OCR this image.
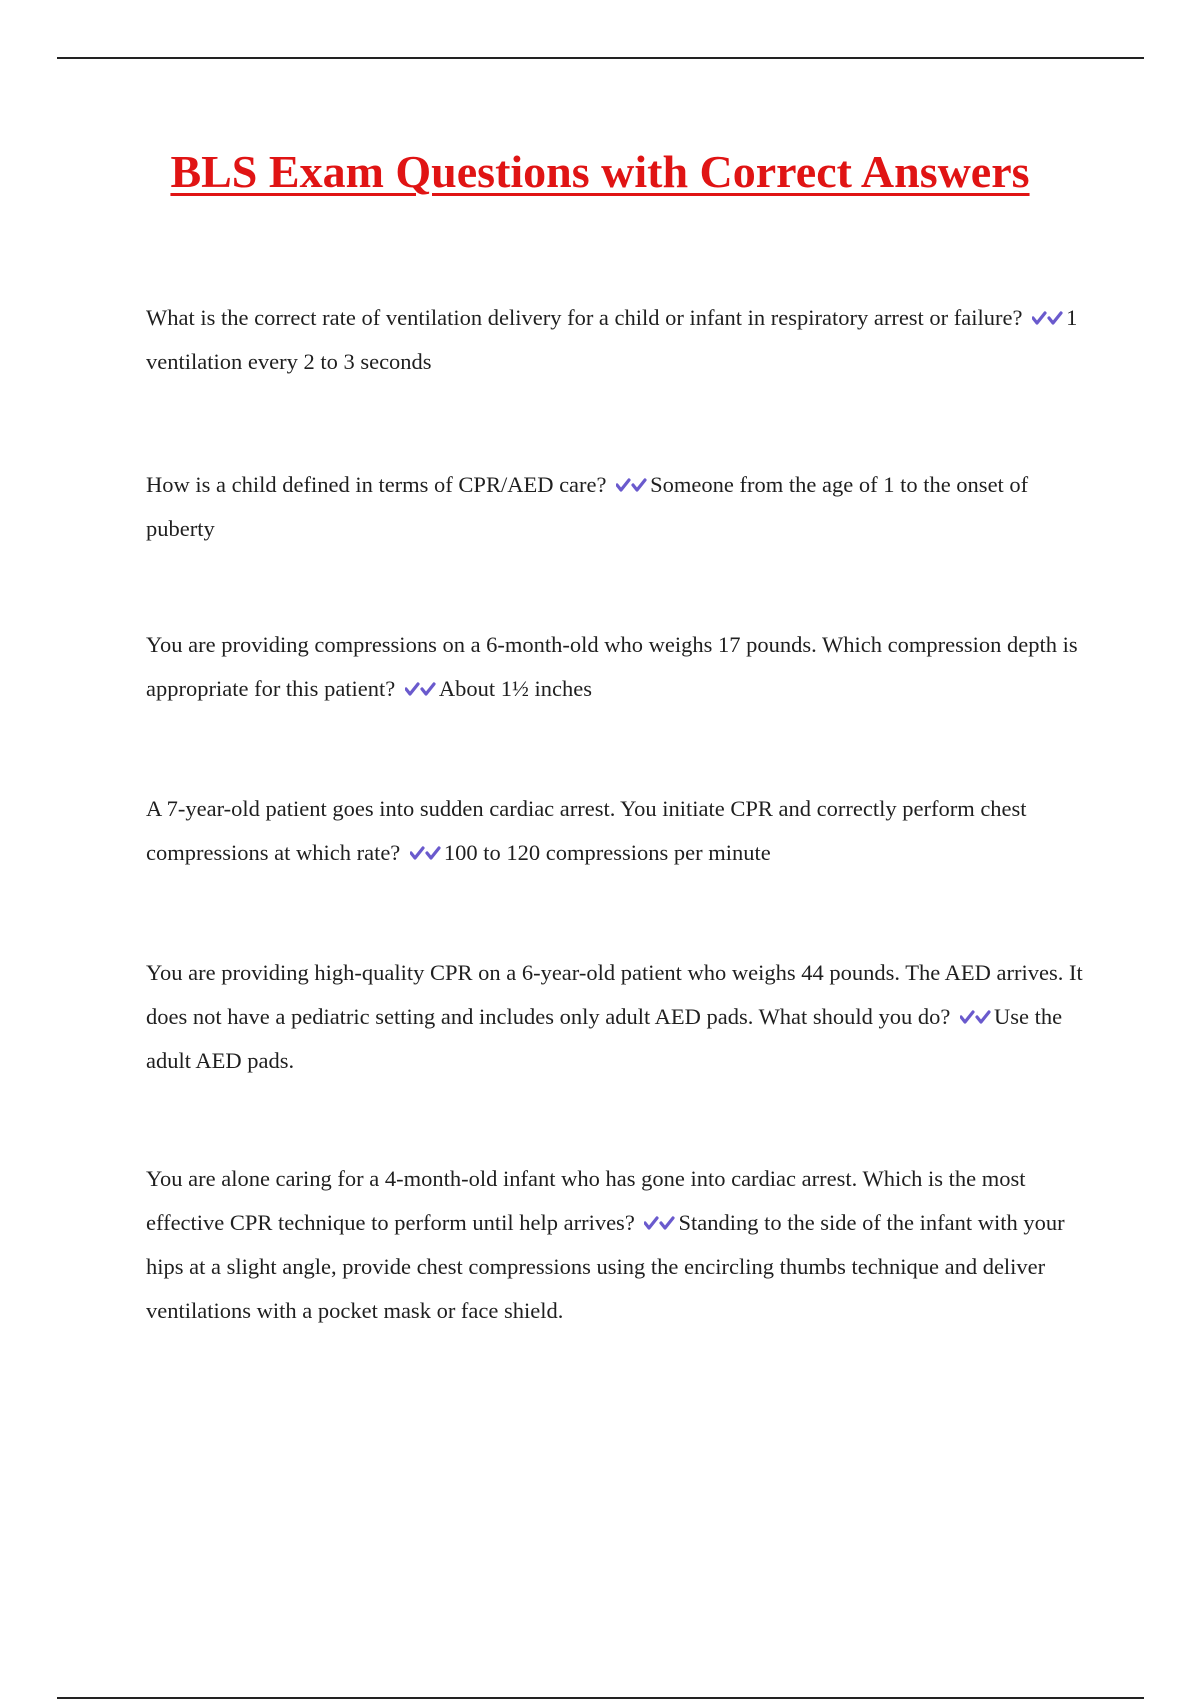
BLS Exam Questions with Correct Answers

What is the correct rate of ventilation delivery for a child or infant in respiratory arrest or failure? 1 ventilation every 2 to 3 seconds

How is a child defined in terms of CPR/AED care? Someone from the age of 1 to the onset of puberty

You are providing compressions on a 6-month-old who weighs 17 pounds. Which compression depth is appropriate for this patient? About 1½ inches

A 7-year-old patient goes into sudden cardiac arrest. You initiate CPR and correctly perform chest compressions at which rate? 100 to 120 compressions per minute

You are providing high-quality CPR on a 6-year-old patient who weighs 44 pounds. The AED arrives. It does not have a pediatric setting and includes only adult AED pads. What should you do? Use the adult AED pads.

You are alone caring for a 4-month-old infant who has gone into cardiac arrest. Which is the most effective CPR technique to perform until help arrives? Standing to the side of the infant with your hips at a slight angle, provide chest compressions using the encircling thumbs technique and deliver ventilations with a pocket mask or face shield.
